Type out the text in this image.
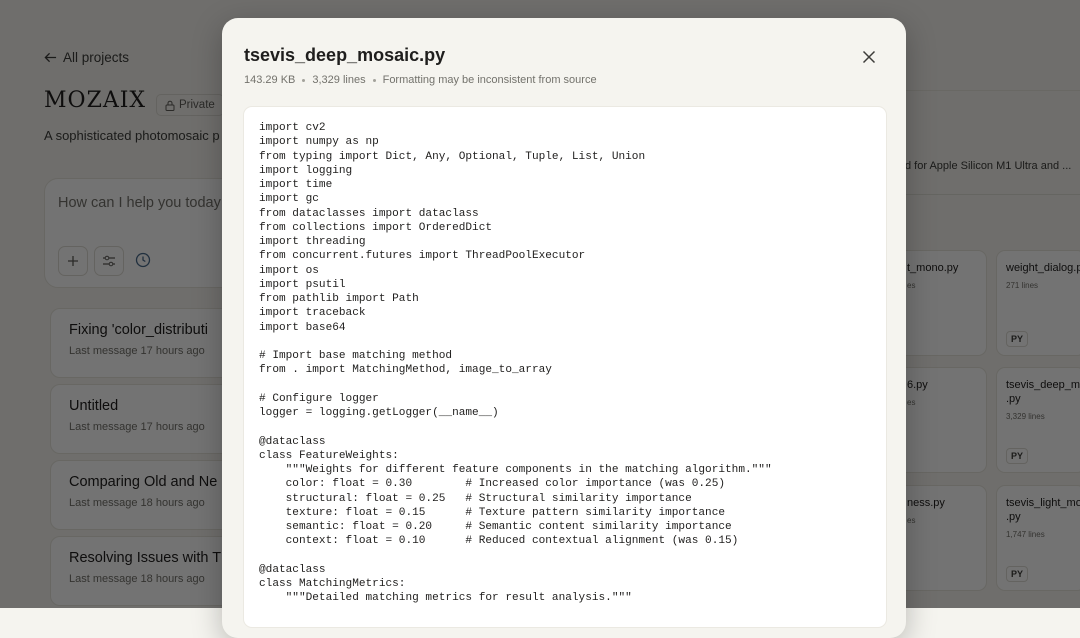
tsevis_deep_mosaic.py
143.29 KB 3,329 lines Formatting may be inconsistent from source
import cv2
import numpy as np
from typing import Dict, Any, Optional, Tuple, List, Union
import logging
import time
import gc
from dataclasses import dataclass
from collections import OrderedDict
import threading
from concurrent.futures import ThreadPoolExecutor
import os
import psutil
from pathlib import Path
import traceback
import base64
# Import base matching method
from . import MatchingMethod, image_to_array
# Configure logger
logger = logging.getLogger(__name__)
@dataclass
class FeatureWeights:
"""Weights for different feature components in the matching algorithm."""
color: float = 0.30        # Increased color importance (was 0.25)
structural: float = 0.25   # Structural similarity importance
texture: float = 0.15      # Texture pattern similarity importance
semantic: float = 0.20     # Semantic content similarity importance
context: float = 0.10      # Reduced contextual alignment (was 0.15)
@dataclass
class MatchingMetrics:
"""Detailed matching metrics for result analysis."""
